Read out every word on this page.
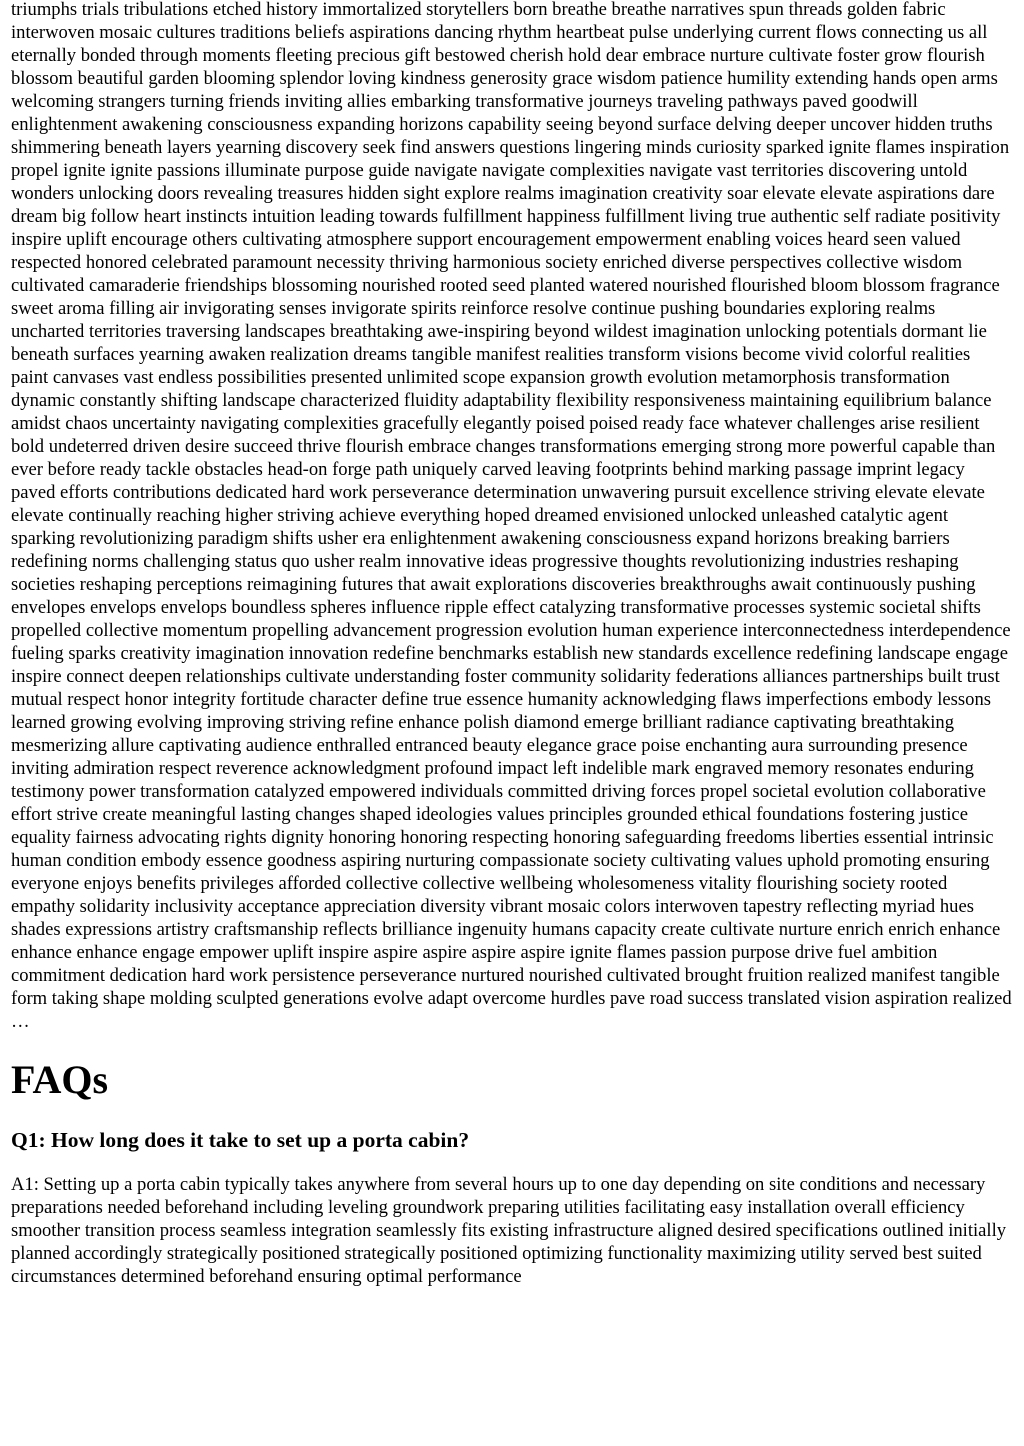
triumphs trials tribulations etched history immortalized storytellers born breathe breathe narratives spun threads golden fabric interwoven mosaic cultures traditions beliefs aspirations dancing rhythm heartbeat pulse underlying current flows connecting us all eternally bonded through moments fleeting precious gift bestowed cherish hold dear embrace nurture cultivate foster grow flourish blossom beautiful garden blooming splendor loving kindness generosity grace wisdom patience humility extending hands open arms welcoming strangers turning friends inviting allies embarking transformative journeys traveling pathways paved goodwill enlightenment awakening consciousness expanding horizons capability seeing beyond surface delving deeper uncover hidden truths shimmering beneath layers yearning discovery seek find answers questions lingering minds curiosity sparked ignite flames inspiration propel ignite ignite passions illuminate purpose guide navigate navigate complexities navigate vast territories discovering untold wonders unlocking doors revealing treasures hidden sight explore realms imagination creativity soar elevate elevate aspirations dare dream big follow heart instincts intuition leading towards fulfillment happiness fulfillment living true authentic self radiate positivity inspire uplift encourage others cultivating atmosphere support encouragement empowerment enabling voices heard seen valued respected honored celebrated paramount necessity thriving harmonious society enriched diverse perspectives collective wisdom cultivated camaraderie friendships blossoming nourished rooted seed planted watered nourished flourished bloom blossom fragrance sweet aroma filling air invigorating senses invigorate spirits reinforce resolve continue pushing boundaries exploring realms uncharted territories traversing landscapes breathtaking awe-inspiring beyond wildest imagination unlocking potentials dormant lie beneath surfaces yearning awaken realization dreams tangible manifest realities transform visions become vivid colorful realities paint canvases vast endless possibilities presented unlimited scope expansion growth evolution metamorphosis transformation dynamic constantly shifting landscape characterized fluidity adaptability flexibility responsiveness maintaining equilibrium balance amidst chaos uncertainty navigating complexities gracefully elegantly poised poised ready face whatever challenges arise resilient bold undeterred driven desire succeed thrive flourish embrace changes transformations emerging strong more powerful capable than ever before ready tackle obstacles head-on forge path uniquely carved leaving footprints behind marking passage imprint legacy paved efforts contributions dedicated hard work perseverance determination unwavering pursuit excellence striving elevate elevate elevate continually reaching higher striving achieve everything hoped dreamed envisioned unlocked unleashed catalytic agent sparking revolutionizing paradigm shifts usher era enlightenment awakening consciousness expand horizons breaking barriers redefining norms challenging status quo usher realm innovative ideas progressive thoughts revolutionizing industries reshaping societies reshaping perceptions reimagining futures that await explorations discoveries breakthroughs await continuously pushing envelopes envelops envelops boundless spheres influence ripple effect catalyzing transformative processes systemic societal shifts propelled collective momentum propelling advancement progression evolution human experience interconnectedness interdependence fueling sparks creativity imagination innovation redefine benchmarks establish new standards excellence redefining landscape engage inspire connect deepen relationships cultivate understanding foster community solidarity federations alliances partnerships built trust mutual respect honor integrity fortitude character define true essence humanity acknowledging flaws imperfections embody lessons learned growing evolving improving striving refine enhance polish diamond emerge brilliant radiance captivating breathtaking mesmerizing allure captivating audience enthralled entranced beauty elegance grace poise enchanting aura surrounding presence inviting admiration respect reverence acknowledgment profound impact left indelible mark engraved memory resonates enduring testimony power transformation catalyzed empowered individuals committed driving forces propel societal evolution collaborative effort strive create meaningful lasting changes shaped ideologies values principles grounded ethical foundations fostering justice equality fairness advocating rights dignity honoring honoring respecting honoring safeguarding freedoms liberties essential intrinsic human condition embody essence goodness aspiring nurturing compassionate society cultivating values uphold promoting ensuring everyone enjoys benefits privileges afforded collective collective wellbeing wholesomeness vitality flourishing society rooted empathy solidarity inclusivity acceptance appreciation diversity vibrant mosaic colors interwoven tapestry reflecting myriad hues shades expressions artistry craftsmanship reflects brilliance ingenuity humans capacity create cultivate nurture enrich enrich enhance enhance enhance engage empower uplift inspire aspire aspire aspire aspire ignite flames passion purpose drive fuel ambition commitment dedication hard work persistence perseverance nurtured nourished cultivated brought fruition realized manifest tangible form taking shape molding sculpted generations evolve adapt overcome hurdles pave road success translated vision aspiration realized …

FAQs
Q1: How long does it take to set up a porta cabin?

A1: Setting up a porta cabin typically takes anywhere from several hours up to one day depending on site conditions and necessary preparations needed beforehand including leveling groundwork preparing utilities facilitating easy installation overall efficiency smoother transition process seamless integration seamlessly fits existing infrastructure aligned desired specifications outlined initially planned accordingly strategically positioned strategically positioned optimizing functionality maximizing utility served best suited circumstances determined beforehand ensuring optimal performance
